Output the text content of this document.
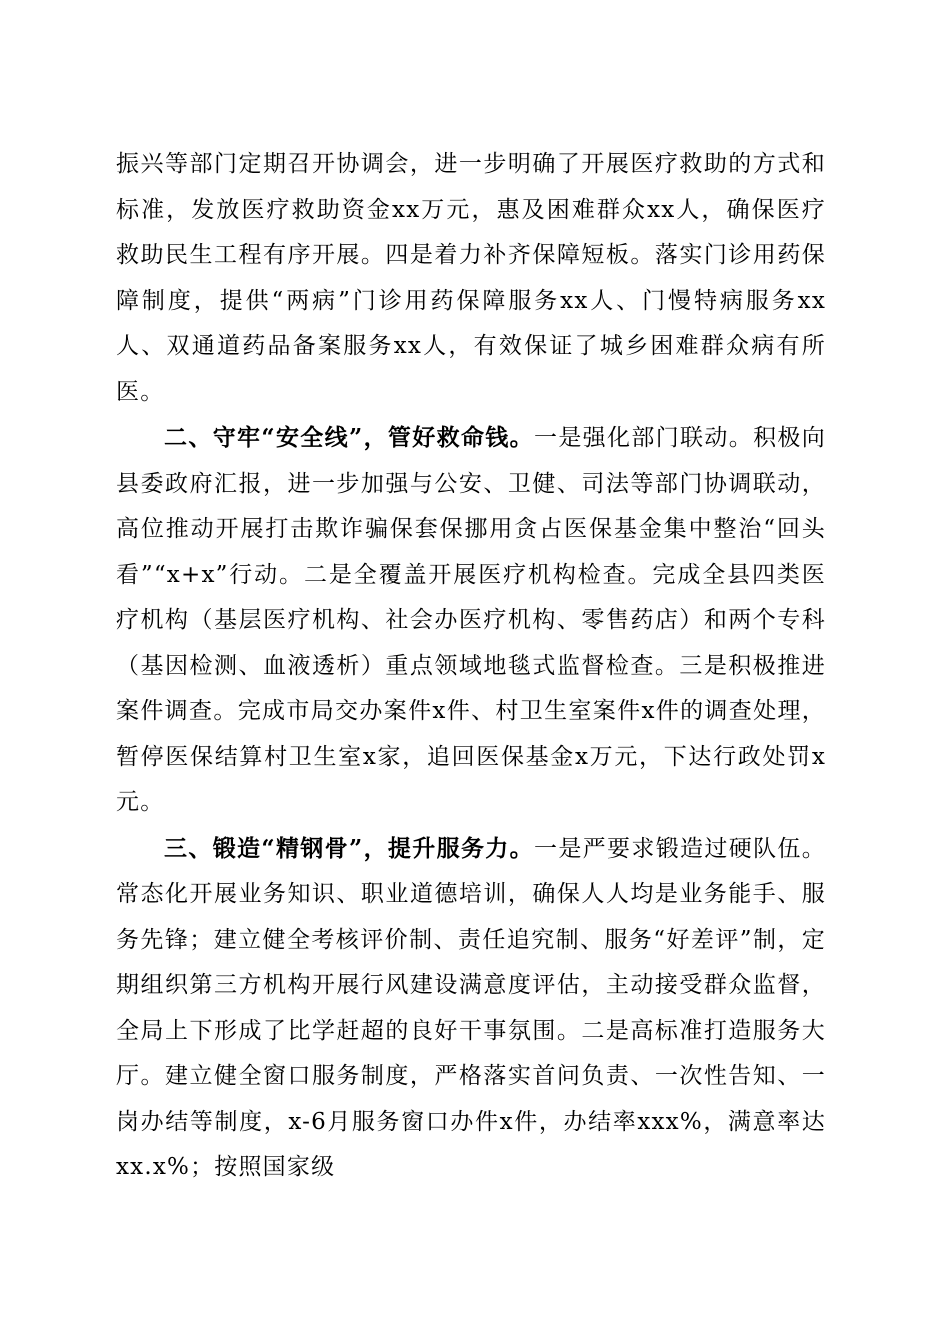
振兴等部门定期召开协调会，进一步明确了开展医疗救助的方式和标准，发放医疗救助资金xx万元，惠及困难群众xx人，确保医疗救助民生工程有序开展。四是着力补齐保障短板。落实门诊用药保障制度，提供“两病”门诊用药保障服务xx人、门慢特病服务xx人、双通道药品备案服务xx人，有效保证了城乡困难群众病有所医。

二、守牢“安全线”，管好救命钱。一是强化部门联动。积极向县委政府汇报，进一步加强与公安、卫健、司法等部门协调联动，高位推动开展打击欺诈骗保套保挪用贪占医保基金集中整治“回头看”“x+x”行动。二是全覆盖开展医疗机构检查。完成全县四类医疗机构（基层医疗机构、社会办医疗机构、零售药店）和两个专科（基因检测、血液透析）重点领域地毯式监督检查。三是积极推进案件调查。完成市局交办案件x件、村卫生室案件x件的调查处理，暂停医保结算村卫生室x家，追回医保基金x万元，下达行政处罚x元。

三、锻造“精钢骨”，提升服务力。一是严要求锻造过硬队伍。常态化开展业务知识、职业道德培训，确保人人均是业务能手、服务先锋；建立健全考核评价制、责任追究制、服务“好差评”制，定期组织第三方机构开展行风建设满意度评估，主动接受群众监督，全局上下形成了比学赶超的良好干事氛围。二是高标准打造服务大厅。建立健全窗口服务制度，严格落实首问负责、一次性告知、一岗办结等制度，x-6月服务窗口办件x件，办结率xxx%，满意率达xx.x%；按照国家级
